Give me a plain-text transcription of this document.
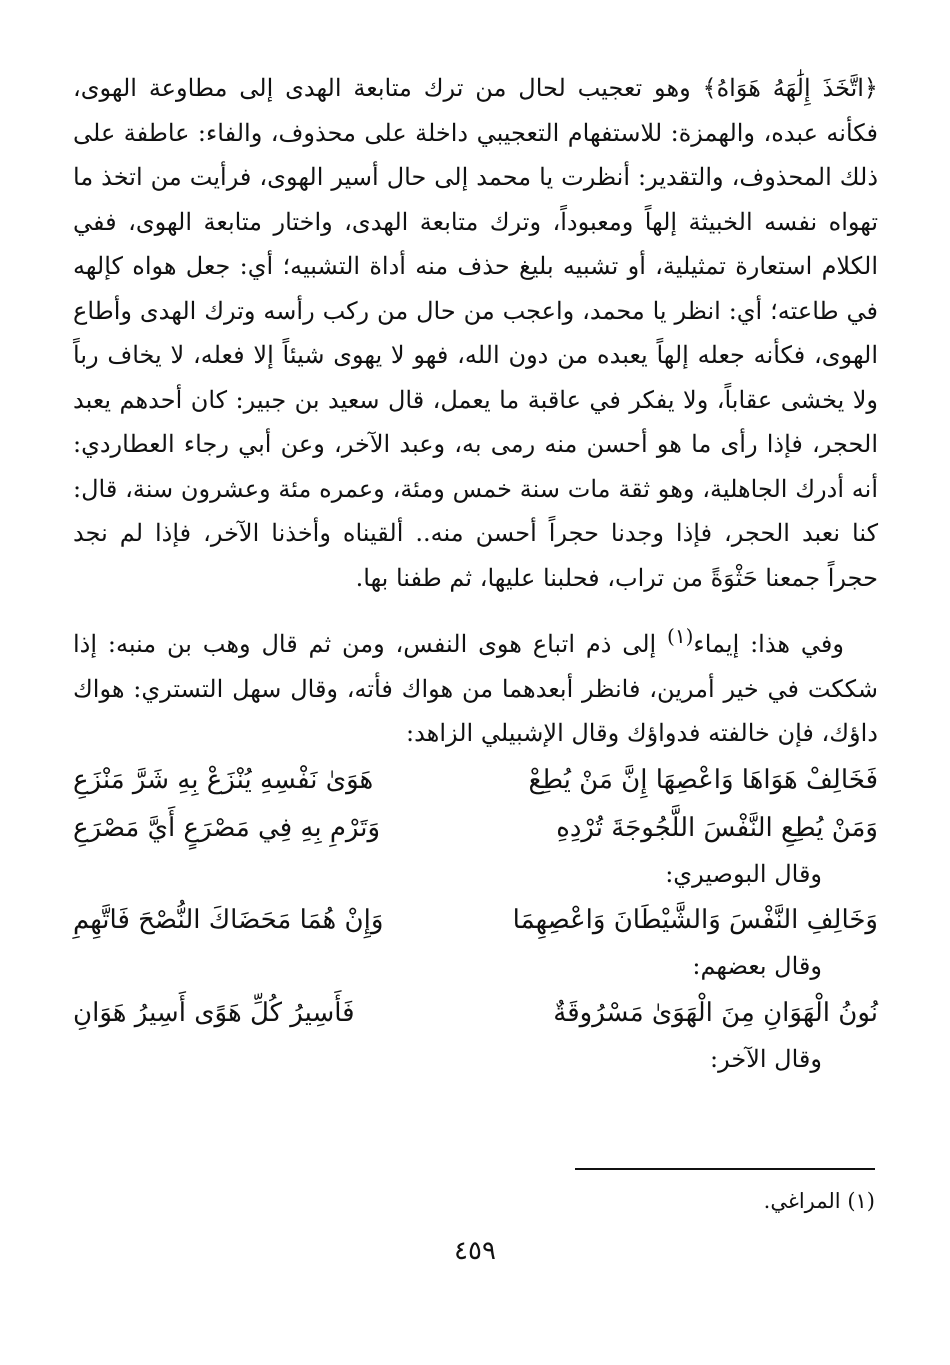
﴿اتَّخَذَ إِلَٰهَهُ هَوَاهُ﴾ وهو تعجيب لحال من ترك متابعة الهدى إلى مطاوعة الهوى، فكأنه عبده، والهمزة: للاستفهام التعجيبي داخلة على محذوف، والفاء: عاطفة على ذلك المحذوف، والتقدير: أنظرت يا محمد إلى حال أسير الهوى، فرأيت من اتخذ ما تهواه نفسه الخبيثة إلهاً ومعبوداً، وترك متابعة الهدى، واختار متابعة الهوى، ففي الكلام استعارة تمثيلية، أو تشبيه بليغ حذف منه أداة التشبيه؛ أي: جعل هواه كإلهه في طاعته؛ أي: انظر يا محمد، واعجب من حال من ركب رأسه وترك الهدى وأطاع الهوى، فكأنه جعله إلهاً يعبده من دون الله، فهو لا يهوى شيئاً إلا فعله، لا يخاف رباً ولا يخشى عقاباً، ولا يفكر في عاقبة ما يعمل، قال سعيد بن جبير: كان أحدهم يعبد الحجر، فإذا رأى ما هو أحسن منه رمى به، وعبد الآخر، وعن أبي رجاء العطاردي: أنه أدرك الجاهلية، وهو ثقة مات سنة خمس ومئة، وعمره مئة وعشرون سنة، قال: كنا نعبد الحجر، فإذا وجدنا حجراً أحسن منه.. ألقيناه وأخذنا الآخر، فإذا لم نجد حجراً جمعنا حَثْوَةً من تراب، فحلبنا عليها، ثم طفنا بها.

وفي هذا: إيماء$^{(١)}$ إلى ذم اتباع هوى النفس، ومن ثم قال وهب بن منبه: إذا شككت في خير أمرين، فانظر أبعدهما من هواك فأته، وقال سهل التستري: هواك داؤك، فإن خالفته فدواؤك وقال الإشبيلي الزاهد:

فَخَالِفْ هَوَاهَا وَاعْصِهَا إِنَّ مَنْ يُطِعْ
هَوَىٰ نَفْسِهِ يُنْزَعْ بِهِ شَرَّ مَنْزَعِ
وَمَنْ يُطِعِ النَّفْسَ اللَّجُوجَةَ تُرْدِهِ
وَتَرْمِ بِهِ فِي مَصْرَعٍ أَيَّ مَصْرَعِ

وقال البوصيري:

وَخَالِفِ النَّفْسَ وَالشَّيْطَانَ وَاعْصِهِمَا
وَإِنْ هُمَا مَحَضَاكَ النُّصْحَ فَاتَّهِمِ

وقال بعضهم:

نُونُ الْهَوَانِ مِنَ الْهَوَىٰ مَسْرُوقَةٌ
فَأَسِيرُ كُلِّ هَوًى أَسِيرُ هَوَانِ

وقال الآخر:

(١) المراغي.
٤٥٩
